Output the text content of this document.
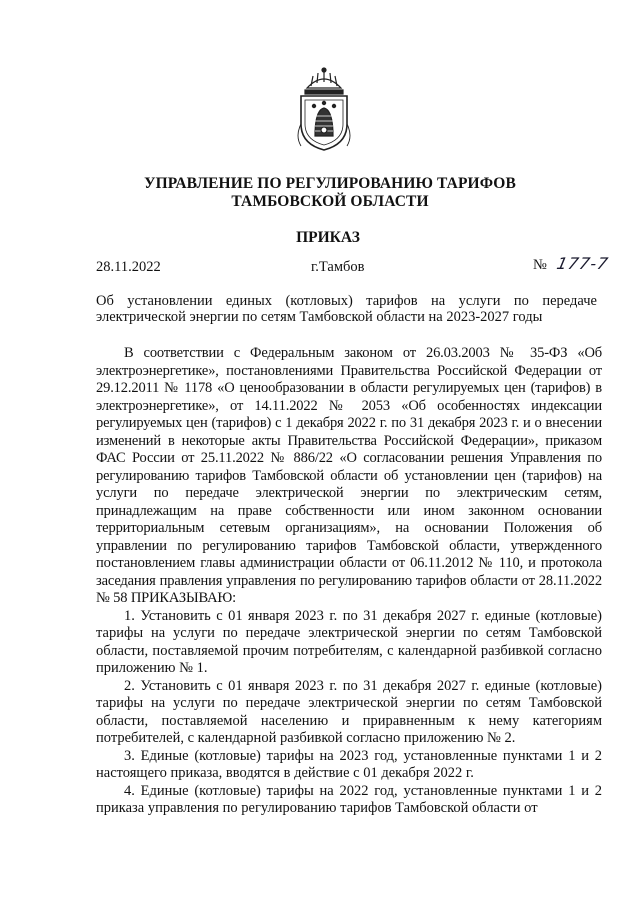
УПРАВЛЕНИЕ ПО РЕГУЛИРОВАНИЮ ТАРИФОВ
ТАМБОВСКОЙ ОБЛАСТИ
ПРИКАЗ
28.11.2022	г.Тамбов	№ 177-7
Об установлении единых (котловых) тарифов на услуги по передаче электрической энергии по сетям Тамбовской области на 2023-2027 годы

В соответствии с Федеральным законом от 26.03.2003 № 35-ФЗ «Об электроэнергетике», постановлениями Правительства Российской Федерации от 29.12.2011 № 1178 «О ценообразовании в области регулируемых цен (тарифов) в электроэнергетике», от 14.11.2022 № 2053 «Об особенностях индексации регулируемых цен (тарифов) с 1 декабря 2022 г. по 31 декабря 2023 г. и о внесении изменений в некоторые акты Правительства Российской Федерации», приказом ФАС России от 25.11.2022 № 886/22 «О согласовании решения Управления по регулированию тарифов Тамбовской области об установлении цен (тарифов) на услуги по передаче электрической энергии по электрическим сетям, принадлежащим на праве собственности или ином законном основании территориальным сетевым организациям», на основании Положения об управлении по регулированию тарифов Тамбовской области, утвержденного постановлением главы администрации области от 06.11.2012 № 110, и протокола заседания правления управления по регулированию тарифов области от 28.11.2022 № 58 ПРИКАЗЫВАЮ:

1. Установить с 01 января 2023 г. по 31 декабря 2027 г. единые (котловые) тарифы на услуги по передаче электрической энергии по сетям Тамбовской области, поставляемой прочим потребителям, с календарной разбивкой согласно приложению № 1.

2. Установить с 01 января 2023 г. по 31 декабря 2027 г. единые (котловые) тарифы на услуги по передаче электрической энергии по сетям Тамбовской области, поставляемой населению и приравненным к нему категориям потребителей, с календарной разбивкой согласно приложению № 2.

3. Единые (котловые) тарифы на 2023 год, установленные пунктами 1 и 2 настоящего приказа, вводятся в действие с 01 декабря 2022 г.

4. Единые (котловые) тарифы на 2022 год, установленные пунктами 1 и 2 приказа управления по регулированию тарифов Тамбовской области от
